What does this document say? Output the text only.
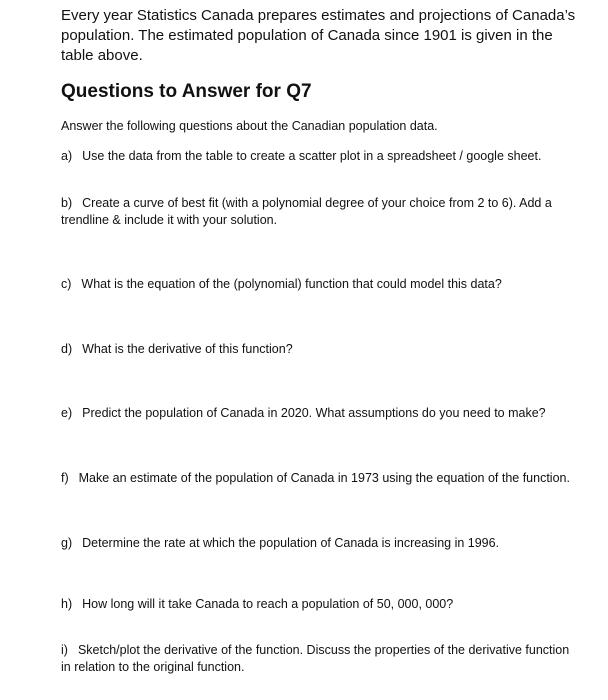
Every year Statistics Canada prepares estimates and projections of Canada’s population. The estimated population of Canada since 1901 is given in the table above.

Questions to Answer for Q7

Answer the following questions about the Canadian population data.

a) Use the data from the table to create a scatter plot in a spreadsheet / google sheet.

b) Create a curve of best fit (with a polynomial degree of your choice from 2 to 6). Add a trendline & include it with your solution.

c) What is the equation of the (polynomial) function that could model this data?

d) What is the derivative of this function?

e) Predict the population of Canada in 2020. What assumptions do you need to make?

f) Make an estimate of the population of Canada in 1973 using the equation of the function.

g) Determine the rate at which the population of Canada is increasing in 1996.

h) How long will it take Canada to reach a population of 50, 000, 000?

i) Sketch/plot the derivative of the function. Discuss the properties of the derivative function in relation to the original function.
